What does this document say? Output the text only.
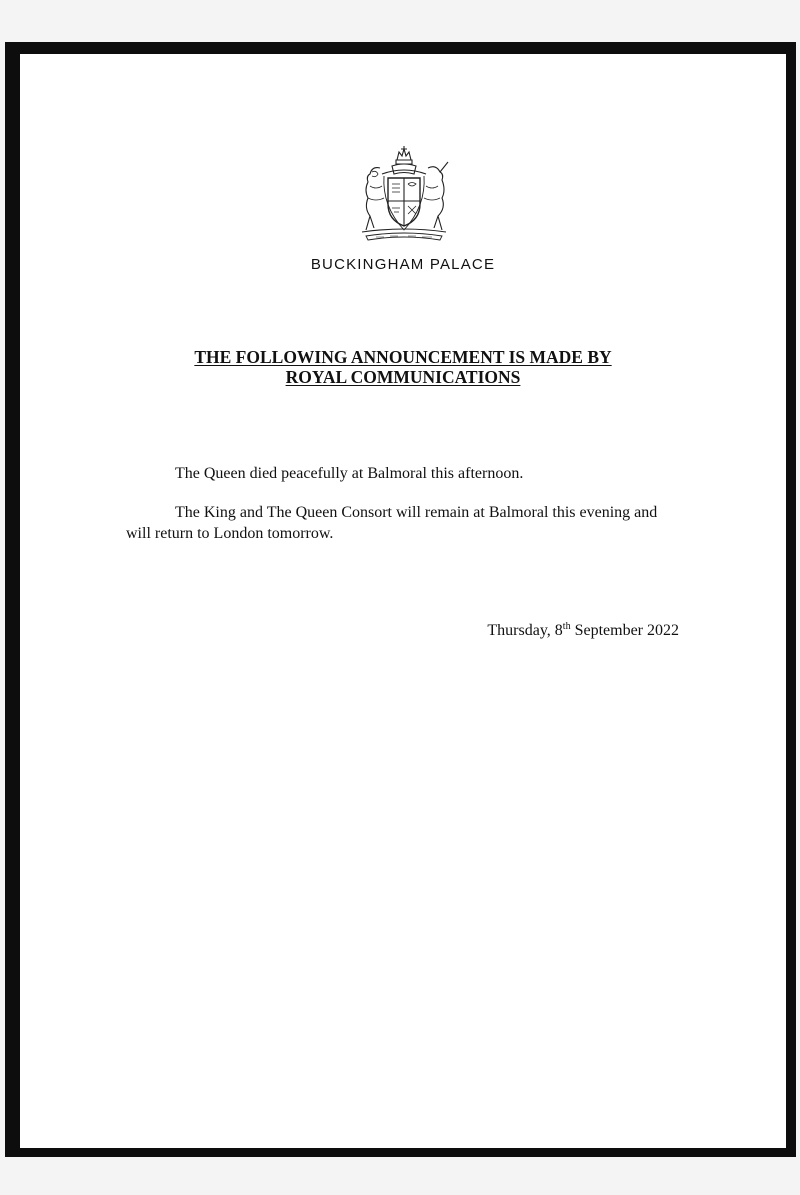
BUCKINGHAM PALACE
THE FOLLOWING ANNOUNCEMENT IS MADE BY
ROYAL COMMUNICATIONS

The Queen died peacefully at Balmoral this afternoon.

The King and The Queen Consort will remain at Balmoral this evening and will return to London tomorrow.

Thursday, 8th September 2022
